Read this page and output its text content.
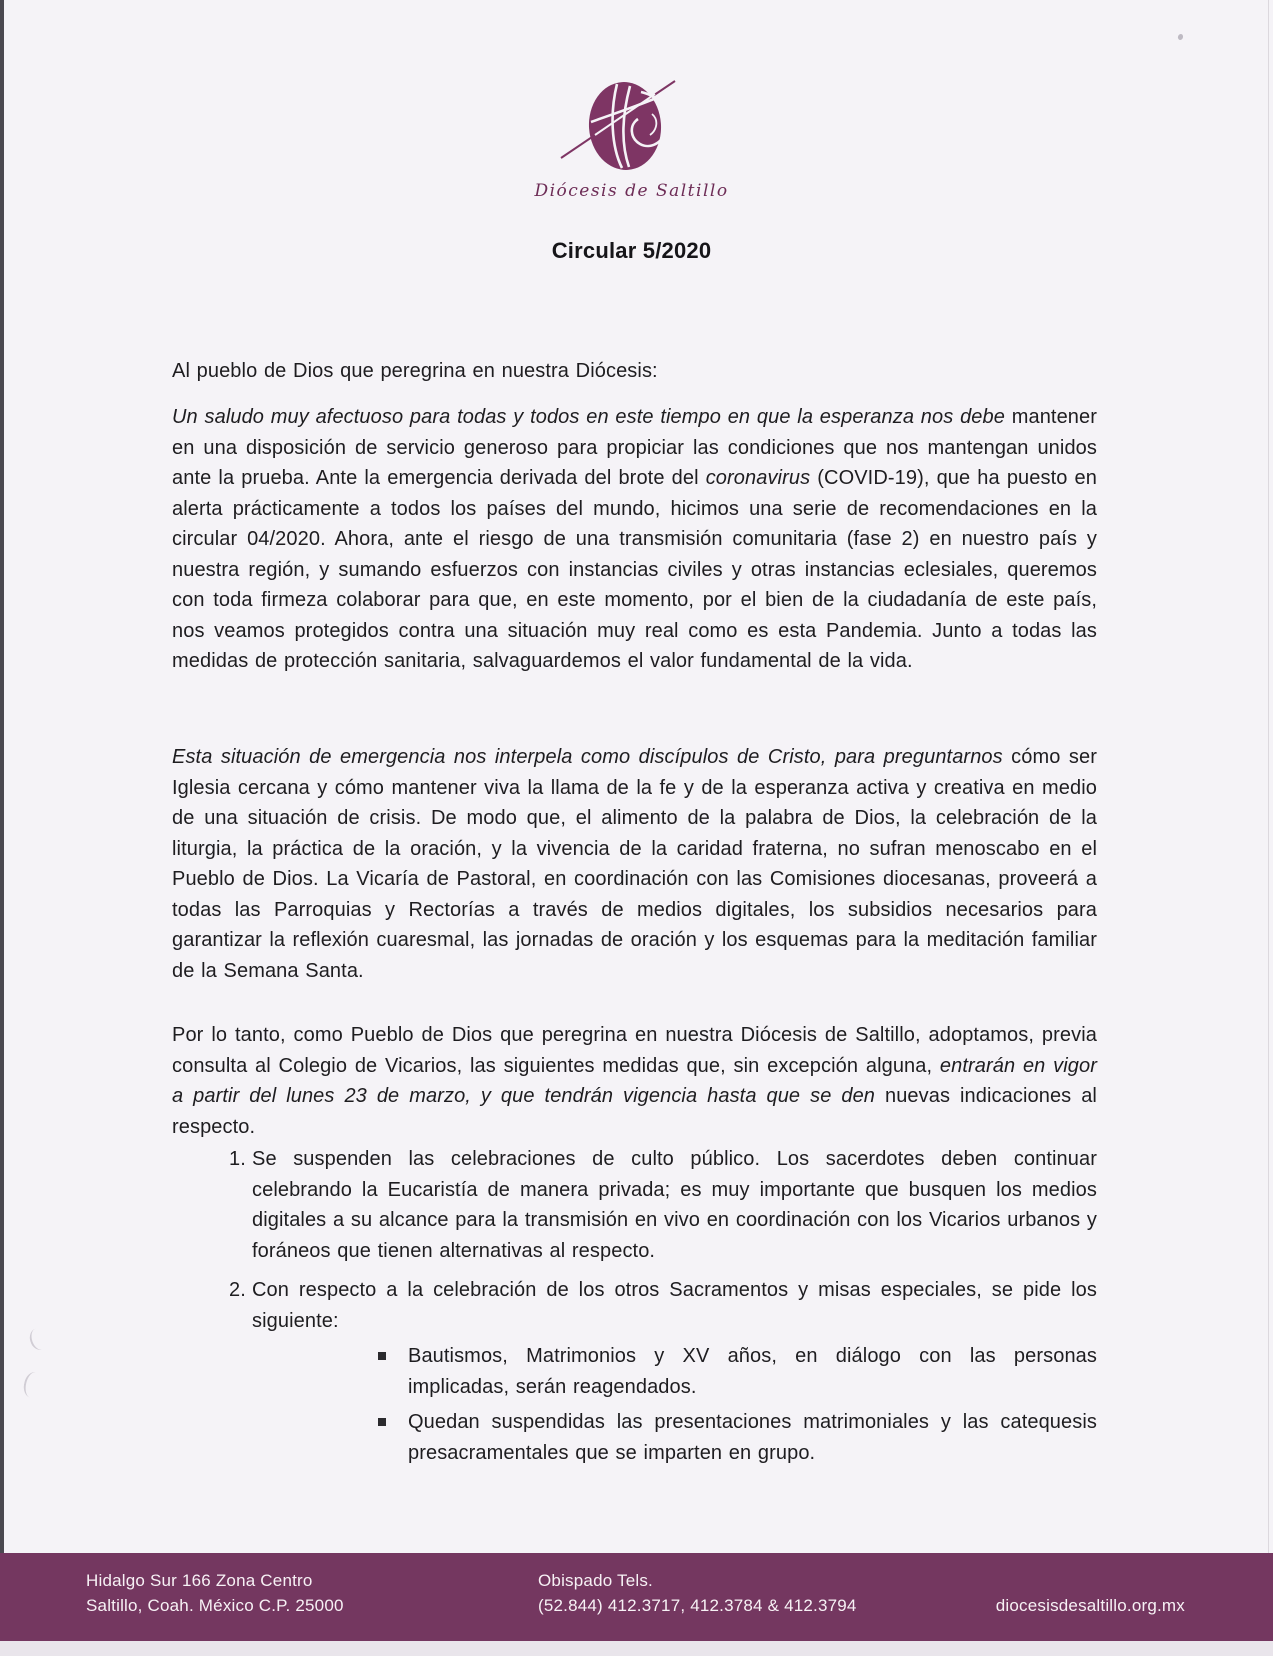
Diócesis de Saltillo
Circular 5/2020

Al pueblo de Dios que peregrina en nuestra Diócesis:

Un saludo muy afectuoso para todas y todos en este tiempo en que la esperanza nos debe mantener en una disposición de servicio generoso para propiciar las condiciones que nos mantengan unidos ante la prueba. Ante la emergencia derivada del brote del coronavirus (COVID-19), que ha puesto en alerta prácticamente a todos los países del mundo, hicimos una serie de recomendaciones en la circular 04/2020. Ahora, ante el riesgo de una transmisión comunitaria (fase 2) en nuestro país y nuestra región, y sumando esfuerzos con instancias civiles y otras instancias eclesiales, queremos con toda firmeza colaborar para que, en este momento, por el bien de la ciudadanía de este país, nos veamos protegidos contra una situación muy real como es esta Pandemia. Junto a todas las medidas de protección sanitaria, salvaguardemos el valor fundamental de la vida.

Esta situación de emergencia nos interpela como discípulos de Cristo, para preguntarnos cómo ser Iglesia cercana y cómo mantener viva la llama de la fe y de la esperanza activa y creativa en medio de una situación de crisis. De modo que, el alimento de la palabra de Dios, la celebración de la liturgia, la práctica de la oración, y la vivencia de la caridad fraterna, no sufran menoscabo en el Pueblo de Dios. La Vicaría de Pastoral, en coordinación con las Comisiones diocesanas, proveerá a todas las Parroquias y Rectorías a través de medios digitales, los subsidios necesarios para garantizar la reflexión cuaresmal, las jornadas de oración y los esquemas para la meditación familiar de la Semana Santa.

Por lo tanto, como Pueblo de Dios que peregrina en nuestra Diócesis de Saltillo, adoptamos, previa consulta al Colegio de Vicarios, las siguientes medidas que, sin excepción alguna, entrarán en vigor a partir del lunes 23 de marzo, y que tendrán vigencia hasta que se den nuevas indicaciones al respecto.

1. Se suspenden las celebraciones de culto público. Los sacerdotes deben continuar celebrando la Eucaristía de manera privada; es muy importante que busquen los medios digitales a su alcance para la transmisión en vivo en coordinación con los Vicarios urbanos y foráneos que tienen alternativas al respecto.
2. Con respecto a la celebración de los otros Sacramentos y misas especiales, se pide los siguiente:
Bautismos, Matrimonios y XV años, en diálogo con las personas implicadas, serán reagendados.
Quedan suspendidas las presentaciones matrimoniales y las catequesis presacramentales que se imparten en grupo.
Hidalgo Sur 166 Zona Centro
Saltillo, Coah. México C.P. 25000
Obispado Tels.
(52.844) 412.3717, 412.3784 & 412.3794	diocesisdesaltillo.org.mx
